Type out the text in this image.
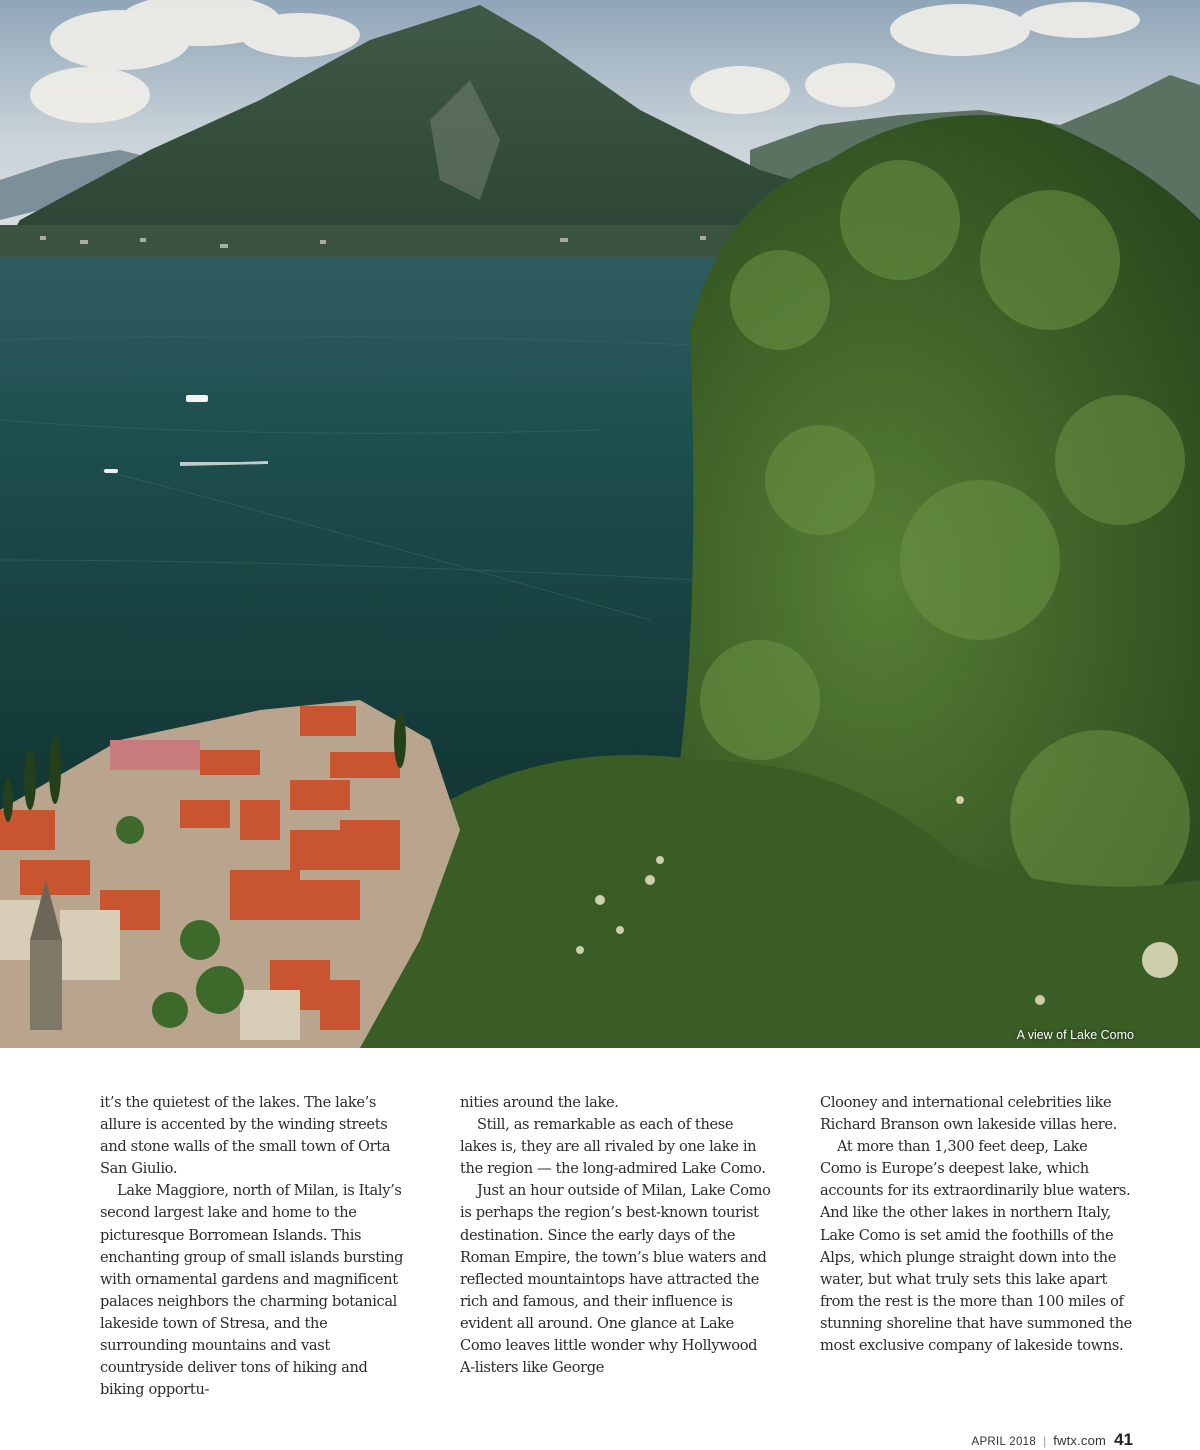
A view of Lake Como

it’s the quietest of the lakes. The lake’s allure is accented by the winding streets and stone walls of the small town of Orta San Giulio.

Lake Maggiore, north of Milan, is Italy’s second largest lake and home to the picturesque Borromean Islands. This enchanting group of small islands bursting with ornamental gardens and magnificent palaces neighbors the charming botanical lakeside town of Stresa, and the surrounding mountains and vast countryside deliver tons of hiking and biking opportu-

nities around the lake.

Still, as remarkable as each of these lakes is, they are all rivaled by one lake in the region — the long-admired Lake Como.

Just an hour outside of Milan, Lake Como is perhaps the region’s best-known tourist destination. Since the early days of the Roman Empire, the town’s blue waters and reflected mountaintops have attracted the rich and famous, and their influence is evident all around. One glance at Lake Como leaves little wonder why Hollywood A-listers like George

Clooney and international celebrities like Richard Branson own lakeside villas here.

At more than 1,300 feet deep, Lake Como is Europe’s deepest lake, which accounts for its extraordinarily blue waters. And like the other lakes in northern Italy, Lake Como is set amid the foothills of the Alps, which plunge straight down into the water, but what truly sets this lake apart from the rest is the more than 100 miles of stunning shoreline that have summoned the most exclusive company of lakeside towns.

APRIL 2018 | fwtx.com 41
